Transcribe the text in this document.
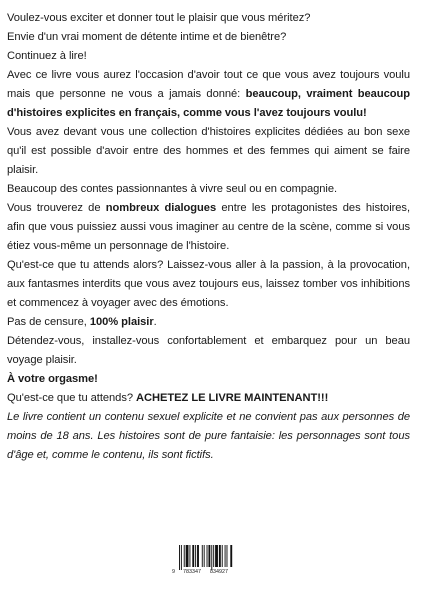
Voulez-vous exciter et donner tout le plaisir que vous méritez?

Envie d'un vrai moment de détente intime et de bienêtre?

Continuez à lire!

Avec ce livre vous aurez l'occasion d'avoir tout ce que vous avez toujours voulu mais que personne ne vous a jamais donné: beaucoup, vraiment beaucoup d'histoires explicites en français, comme vous l'avez toujours voulu!

Vous avez devant vous une collection d'histoires explicites dédiées au bon sexe qu'il est possible d'avoir entre des hommes et des femmes qui aiment se faire plaisir.

Beaucoup des contes passionnantes à vivre seul ou en compagnie.

Vous trouverez de nombreux dialogues entre les protagonistes des histoires, afin que vous puissiez aussi vous imaginer au centre de la scène, comme si vous étiez vous-même un personnage de l'histoire.

Qu'est-ce que tu attends alors? Laissez-vous aller à la passion, à la provocation, aux fantasmes interdits que vous avez toujours eus, laissez tomber vos inhibitions et commencez à voyager avec des émotions.

Pas de censure, 100% plaisir.

Détendez-vous, installez-vous confortablement et embarquez pour un beau voyage plaisir.

À votre orgasme!

Qu'est-ce que tu attends? ACHETEZ LE LIVRE MAINTENANT!!!

Le livre contient un contenu sexuel explicite et ne convient pas aux personnes de moins de 18 ans. Les histoires sont de pure fantaisie: les personnages sont tous d'âge et, comme le contenu, ils sont fictifs.

9 783347 834927
